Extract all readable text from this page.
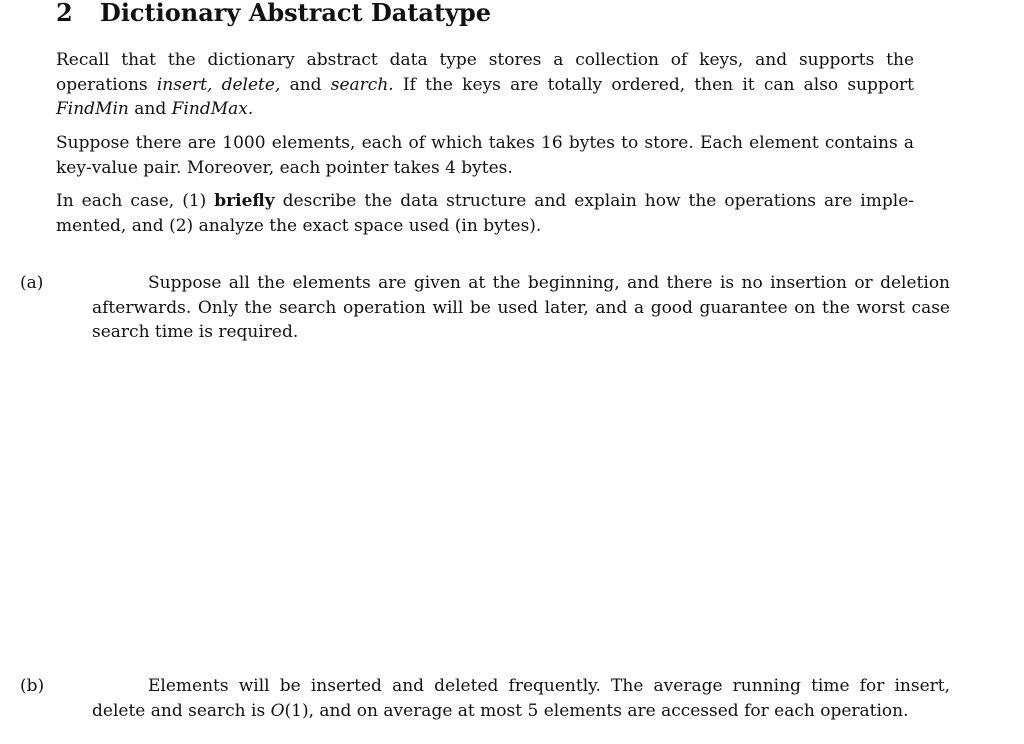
2 Dictionary Abstract Datatype

Recall that the dictionary abstract data type stores a collection of keys, and supports the operations insert, delete, and search. If the keys are totally ordered, then it can also support FindMin and FindMax.

Suppose there are 1000 elements, each of which takes 16 bytes to store. Each element contains a key-value pair. Moreover, each pointer takes 4 bytes.

In each case, (1) briefly describe the data structure and explain how the operations are imple-mented, and (2) analyze the exact space used (in bytes).

(a)	Suppose all the elements are given at the beginning, and there is no insertion or deletion afterwards. Only the search operation will be used later, and a good guarantee on the worst case search time is required.

(b)	Elements will be inserted and deleted frequently. The average running time for insert, delete and search is O(1), and on average at most 5 elements are accessed for each operation.
